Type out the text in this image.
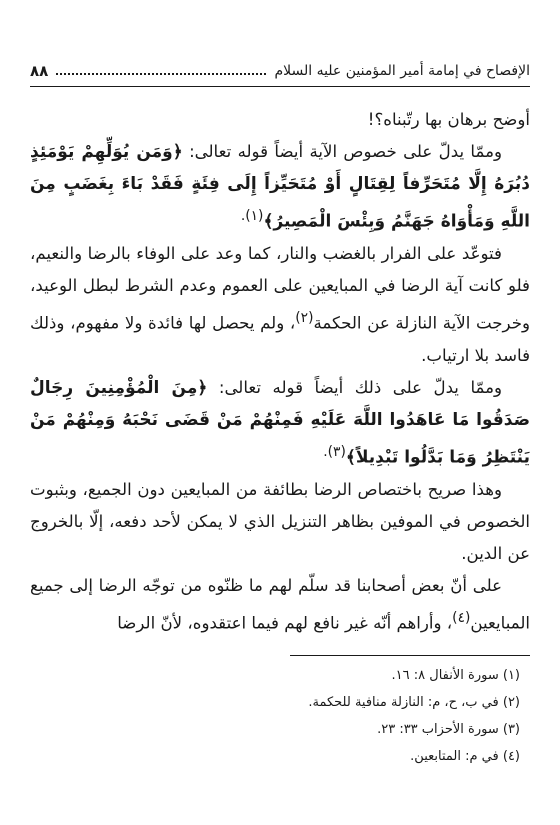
الإفصاح في إمامة أمير المؤمنين عليه السلام
٨٨

أوضح برهان بها رتّبناه؟!

وممّا يدلّ على خصوص الآية أيضاً قوله تعالى: ﴿وَمَن يُوَلِّهِمْ يَوْمَئِذٍ دُبُرَهُ إِلَّا مُتَحَرِّفاً لِقِتَالٍ أَوْ مُتَحَيِّزاً إِلَى فِئَةٍ فَقَدْ بَاءَ بِغَضَبٍ مِنَ اللَّهِ وَمَأْوَاهُ جَهَنَّمُ وَبِئْسَ الْمَصِيرُ﴾$^{(١).}$

فتوعّد على الفرار بالغضب والنار، كما وعد على الوفاء بالرضا والنعيم، فلو كانت آية الرضا في المبايعين على العموم وعدم الشرط لبطل الوعيد، وخرجت الآية النازلة عن الحكمة$^{(٢)}$، ولم يحصل لها فائدة ولا مفهوم، وذلك فاسد بلا ارتياب.

وممّا يدلّ على ذلك أيضاً قوله تعالى: ﴿مِنَ الْمُؤْمِنِينَ رِجَالٌ صَدَقُوا مَا عَاهَدُوا اللَّهَ عَلَيْهِ فَمِنْهُمْ مَنْ قَضَى نَحْبَهُ وَمِنْهُمْ مَنْ يَنْتَظِرُ وَمَا بَدَّلُوا تَبْدِيلاً﴾$^{(٣).}$

وهذا صريح باختصاص الرضا بطائفة من المبايعين دون الجميع، وبثبوت الخصوص في الموفين بظاهر التنزيل الذي لا يمكن لأحد دفعه، إلّا بالخروج عن الدين.

على أنّ بعض أصحابنا قد سلّم لهم ما ظنّوه من توجّه الرضا إلى جميع المبايعين$^{(٤)}$، وأراهم أنّه غير نافع لهم فيما اعتقدوه، لأنّ الرضا

(١) سورة الأنفال ٨: ١٦.
(٢) في ب، ح، م: النازلة منافية للحكمة.
(٣) سورة الأحزاب ٣٣: ٢٣.
(٤) في م: المتابعين.
